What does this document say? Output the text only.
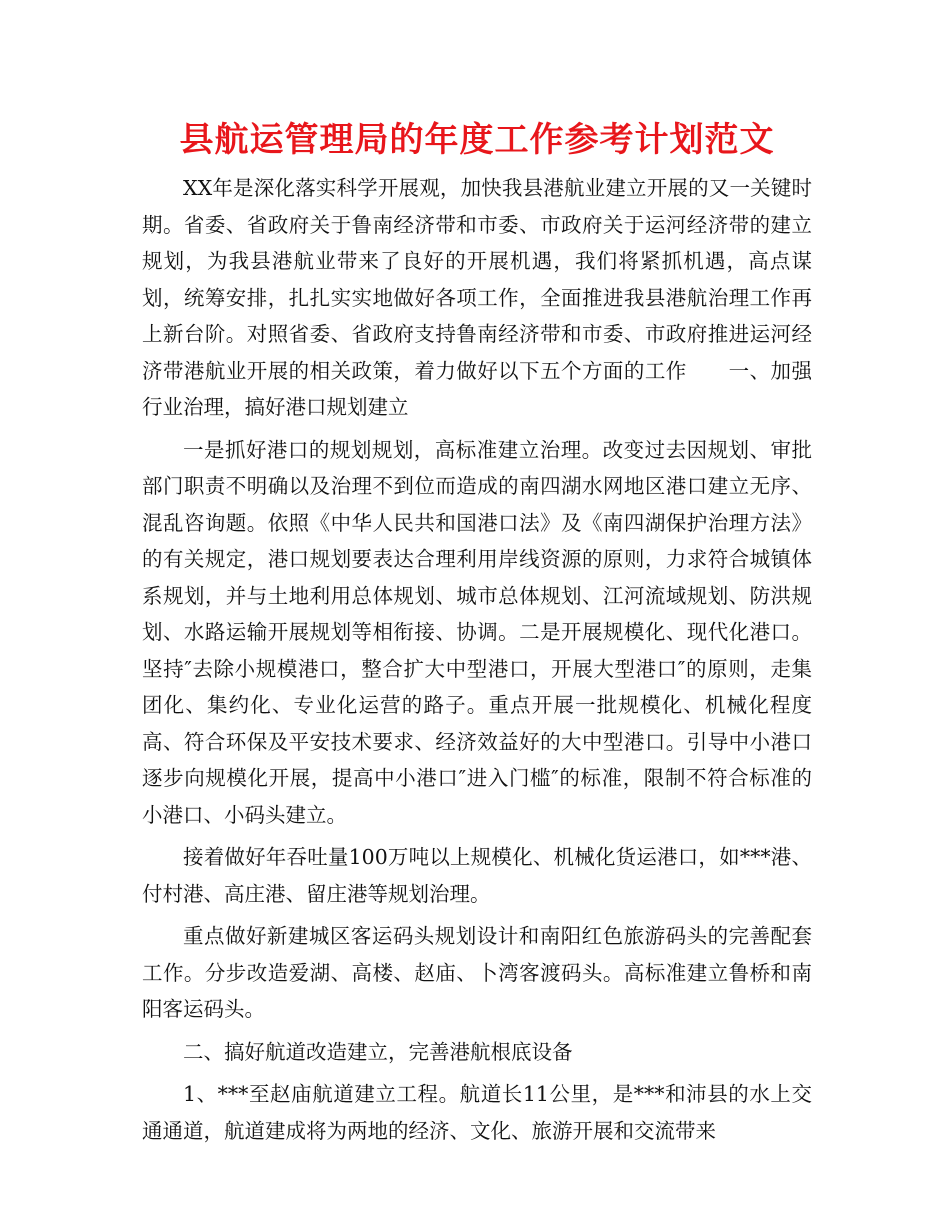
县航运管理局的年度工作参考计划范文

XX年是深化落实科学开展观，加快我县港航业建立开展的又一关键时期。省委、省政府关于鲁南经济带和市委、市政府关于运河经济带的建立规划，为我县港航业带来了良好的开展机遇，我们将紧抓机遇，高点谋划，统筹安排，扎扎实实地做好各项工作，全面推进我县港航治理工作再上新台阶。对照省委、省政府支持鲁南经济带和市委、市政府推进运河经济带港航业开展的相关政策，着力做好以下五个方面的工作　　一、加强行业治理，搞好港口规划建立

一是抓好港口的规划规划，高标准建立治理。改变过去因规划、审批部门职责不明确以及治理不到位而造成的南四湖水网地区港口建立无序、混乱咨询题。依照《中华人民共和国港口法》及《南四湖保护治理方法》的有关规定，港口规划要表达合理利用岸线资源的原则，力求符合城镇体系规划，并与土地利用总体规划、城市总体规划、江河流域规划、防洪规划、水路运输开展规划等相衔接、协调。二是开展规模化、现代化港口。坚持″去除小规模港口，整合扩大中型港口，开展大型港口″的原则，走集团化、集约化、专业化运营的路子。重点开展一批规模化、机械化程度高、符合环保及平安技术要求、经济效益好的大中型港口。引导中小港口逐步向规模化开展，提高中小港口″进入门槛″的标准，限制不符合标准的小港口、小码头建立。

接着做好年吞吐量100万吨以上规模化、机械化货运港口，如***港、付村港、高庄港、留庄港等规划治理。

重点做好新建城区客运码头规划设计和南阳红色旅游码头的完善配套工作。分步改造爱湖、高楼、赵庙、卜湾客渡码头。高标准建立鲁桥和南阳客运码头。

二、搞好航道改造建立，完善港航根底设备

1、***至赵庙航道建立工程。航道长11公里，是***和沛县的水上交通通道，航道建成将为两地的经济、文化、旅游开展和交流带来
